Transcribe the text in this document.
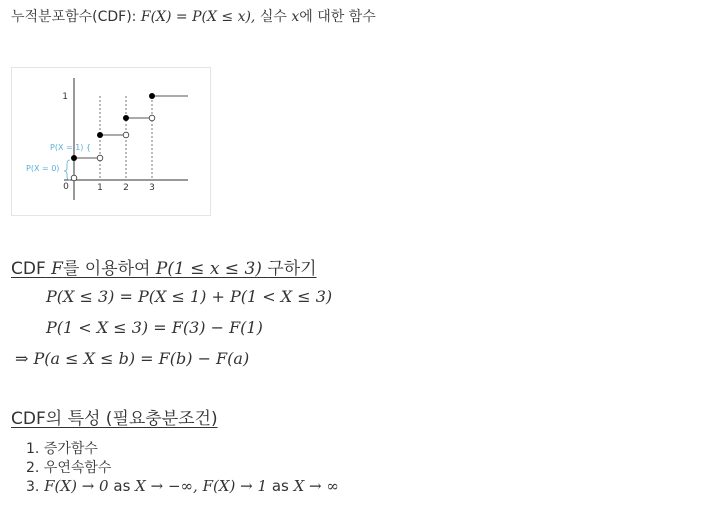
누적분포함수(CDF): F(X) = P(X ≤ x), 실수 x에 대한 함수
1
1 2 3
0
P(X = 1) {
P(X = 0)
CDF F를 이용하여 P(1 ≤ x ≤ 3) 구하기
P(X ≤ 3) = P(X ≤ 1) + P(1 < X ≤ 3)
P(1 < X ≤ 3) = F(3) − F(1)
⇒ P(a ≤ X ≤ b) = F(b) − F(a)
CDF의 특성 (필요충분조건)
1. 증가함수
2. 우연속함수
3. F(X) → 0 as X → −∞, F(X) → 1 as X → ∞
